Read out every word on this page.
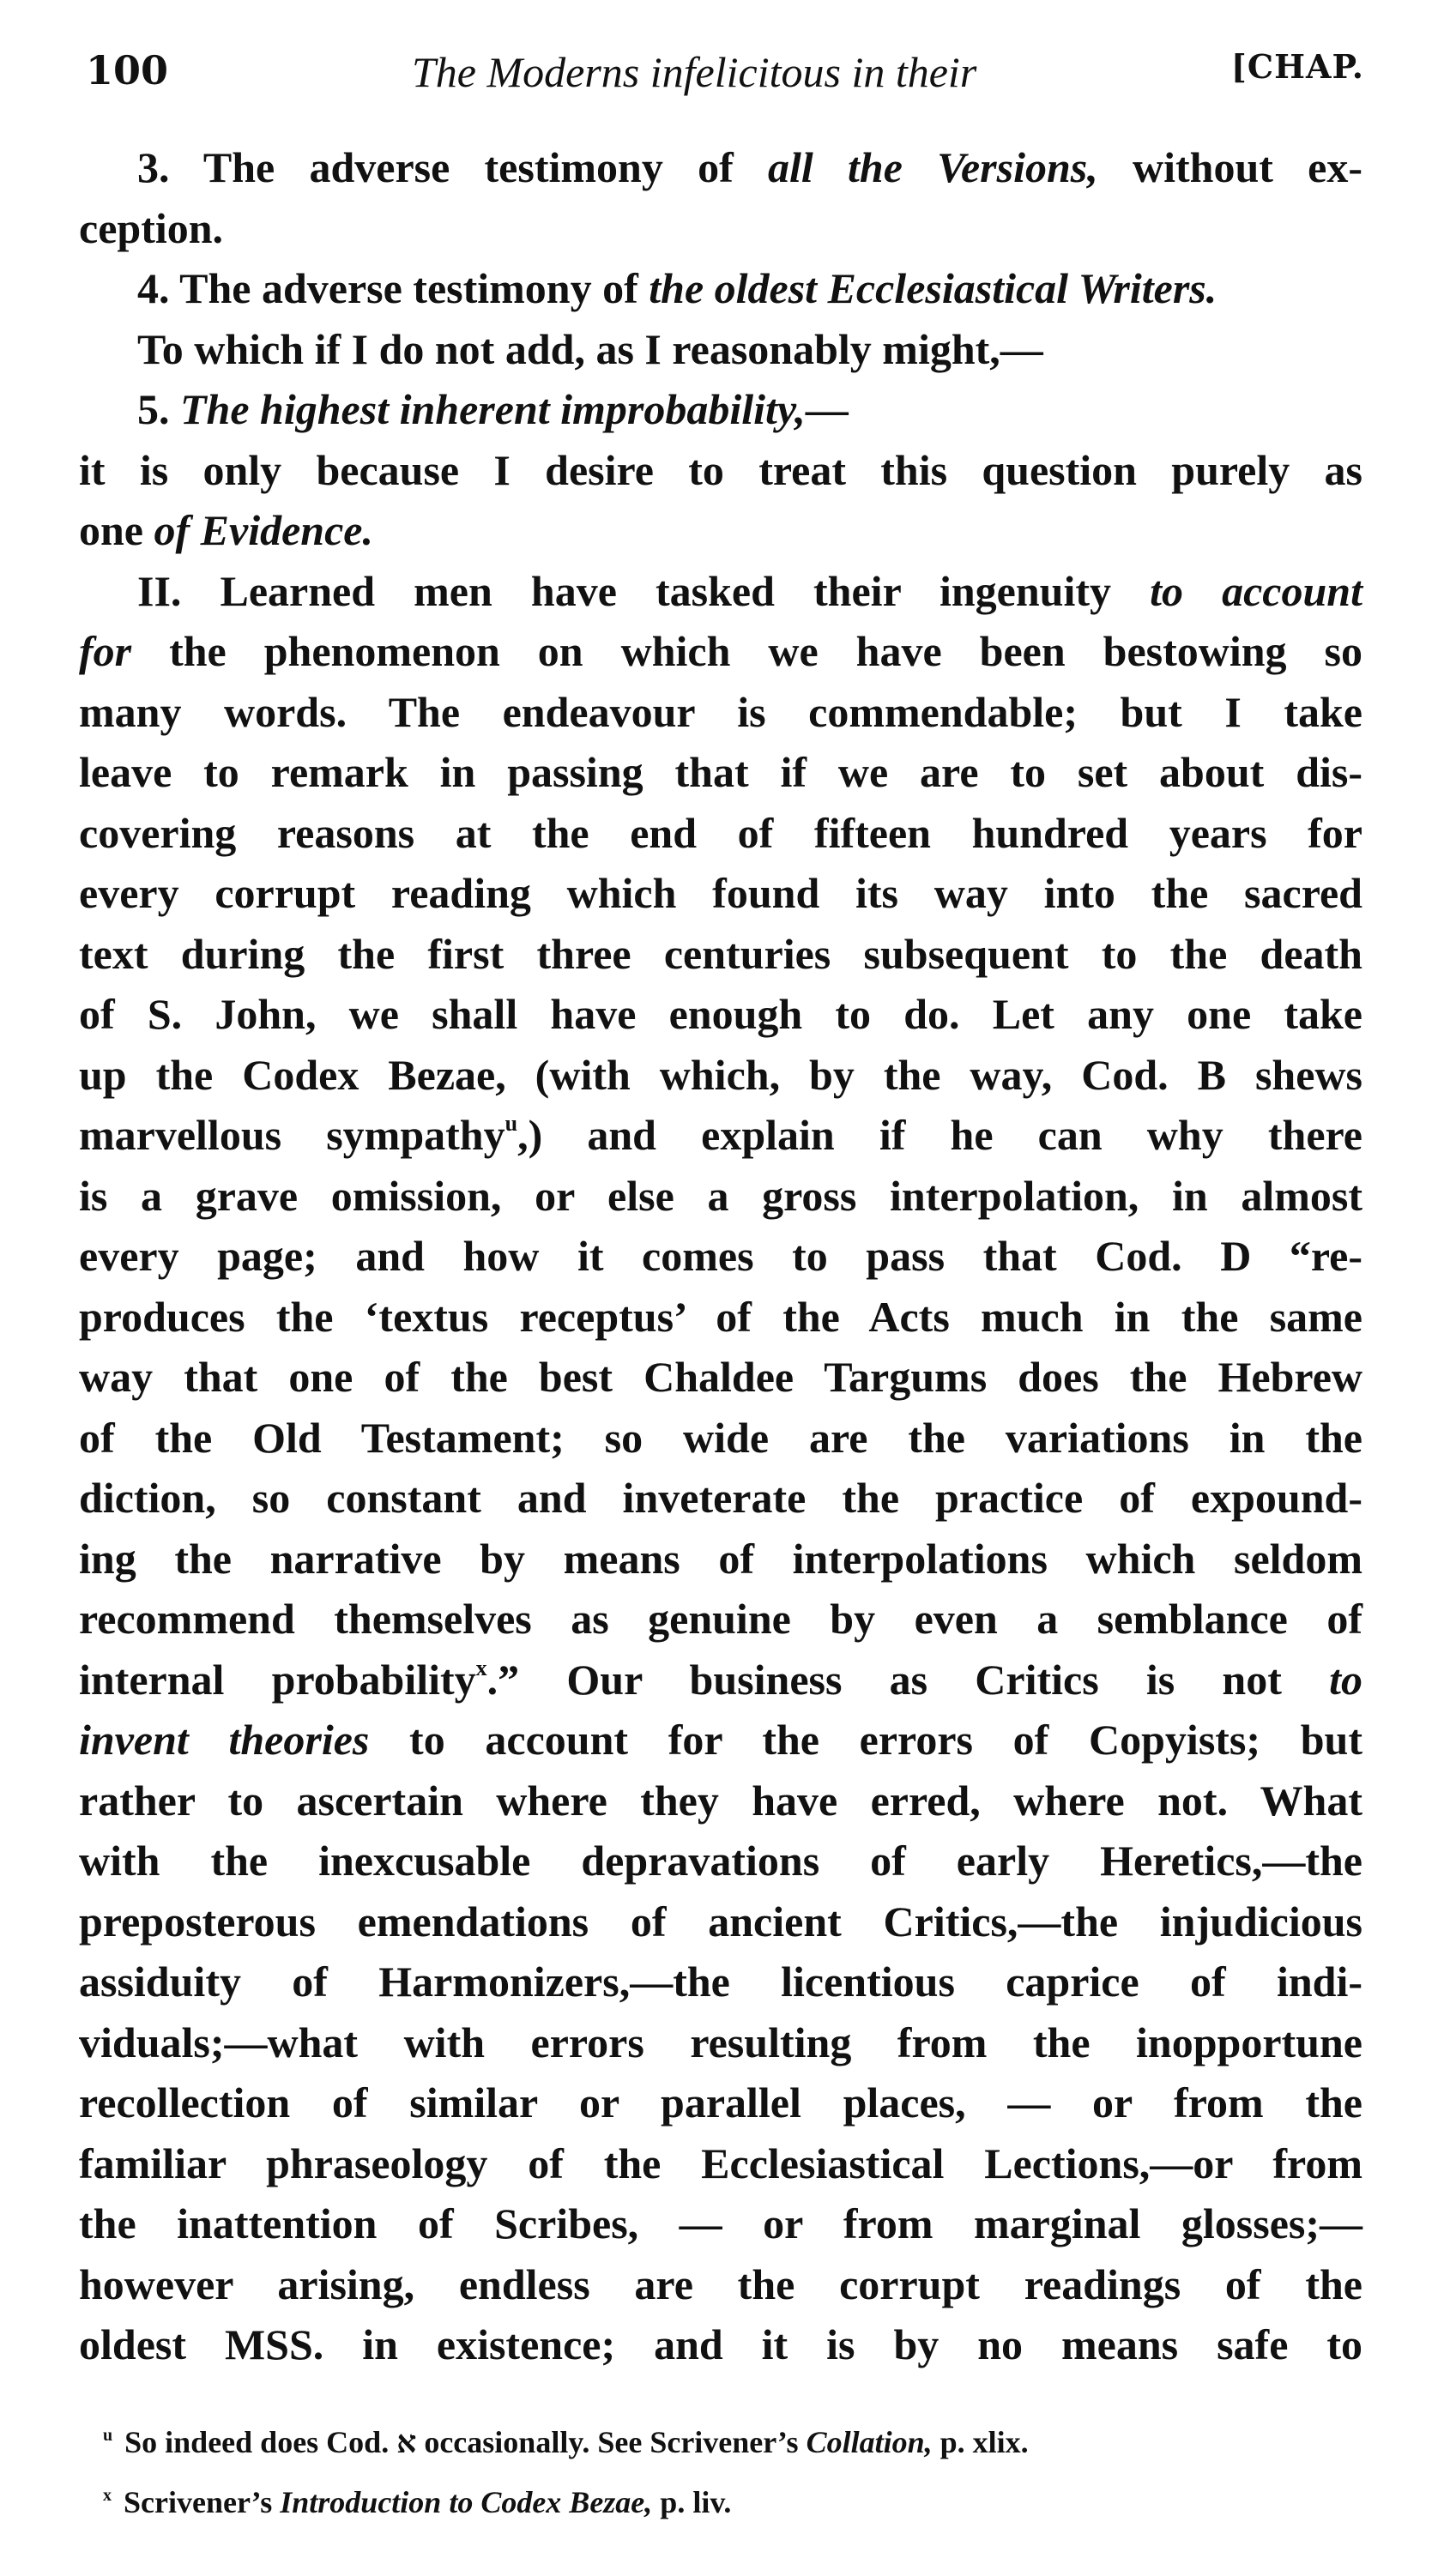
100	The Moderns infelicitous in their	[CHAP.
3. The adverse testimony of all the Versions, without ex-
ception.
4. The adverse testimony of the oldest Ecclesiastical Writers.
To which if I do not add, as I reasonably might,—
5. The highest inherent improbability,—
it is only because I desire to treat this question purely as
one of Evidence.
II. Learned men have tasked their ingenuity to account
for the phenomenon on which we have been bestowing so
many words. The endeavour is commendable; but I take
leave to remark in passing that if we are to set about dis-
covering reasons at the end of fifteen hundred years for
every corrupt reading which found its way into the sacred
text during the first three centuries subsequent to the death
of S. John, we shall have enough to do. Let any one take
up the Codex Bezae, (with which, by the way, Cod. B shews
marvellous sympathy$^u$,) and explain if he can why there
is a grave omission, or else a gross interpolation, in almost
every page; and how it comes to pass that Cod. D “re-
produces the ‘textus receptus’ of the Acts much in the same
way that one of the best Chaldee Targums does the Hebrew
of the Old Testament; so wide are the variations in the
diction, so constant and inveterate the practice of expound-
ing the narrative by means of interpolations which seldom
recommend themselves as genuine by even a semblance of
internal probability$^x$.” Our business as Critics is not to
invent theories to account for the errors of Copyists; but
rather to ascertain where they have erred, where not. What
with the inexcusable depravations of early Heretics,—the
preposterous emendations of ancient Critics,—the injudicious
assiduity of Harmonizers,—the licentious caprice of indi-
viduals;—what with errors resulting from the inopportune
recollection of similar or parallel places, — or from the
familiar phraseology of the Ecclesiastical Lections,—or from
the inattention of Scribes, — or from marginal glosses;—
however arising, endless are the corrupt readings of the
oldest MSS. in existence; and it is by no means safe to
$^u$ So indeed does Cod. א occasionally. See Scrivener’s Collation, p. xlix.
$^x$ Scrivener’s Introduction to Codex Bezae, p. liv.
